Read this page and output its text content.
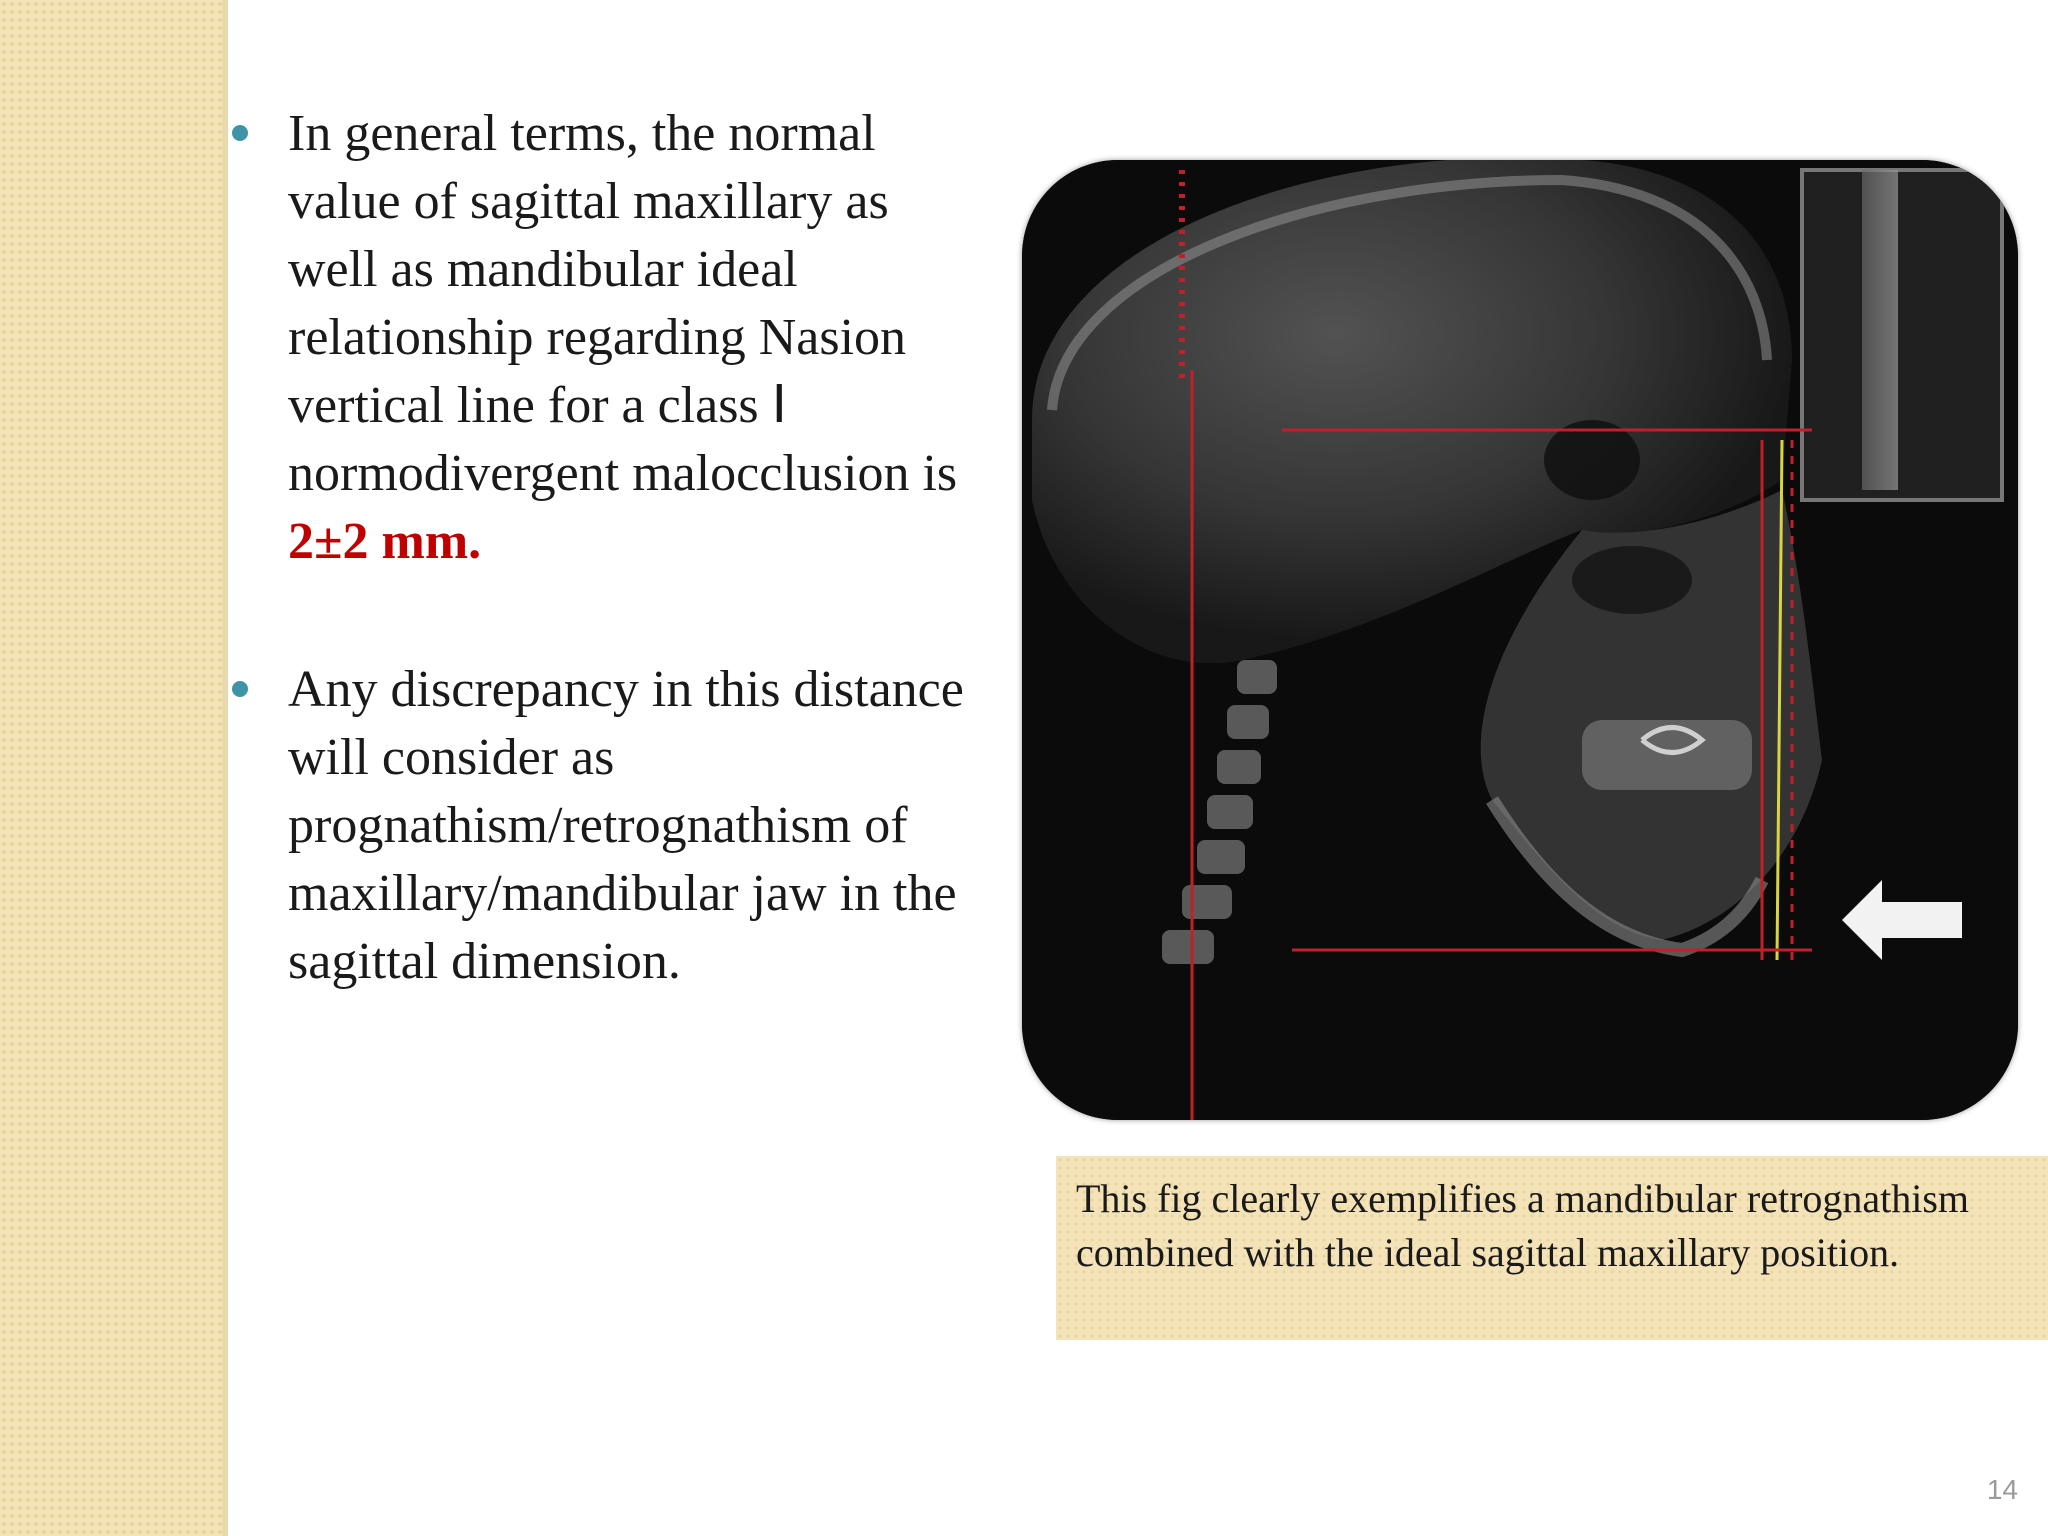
In general terms, the normal value of sagittal maxillary as well as mandibular ideal relationship regarding Nasion vertical line for a class Ⅰ normodivergent malocclusion is 2±2 mm.
Any discrepancy in this distance will consider as prognathism/retrognathism of maxillary/mandibular jaw in the sagittal dimension.
This fig clearly exemplifies a mandibular retrognathism combined with the ideal sagittal maxillary position.
14
